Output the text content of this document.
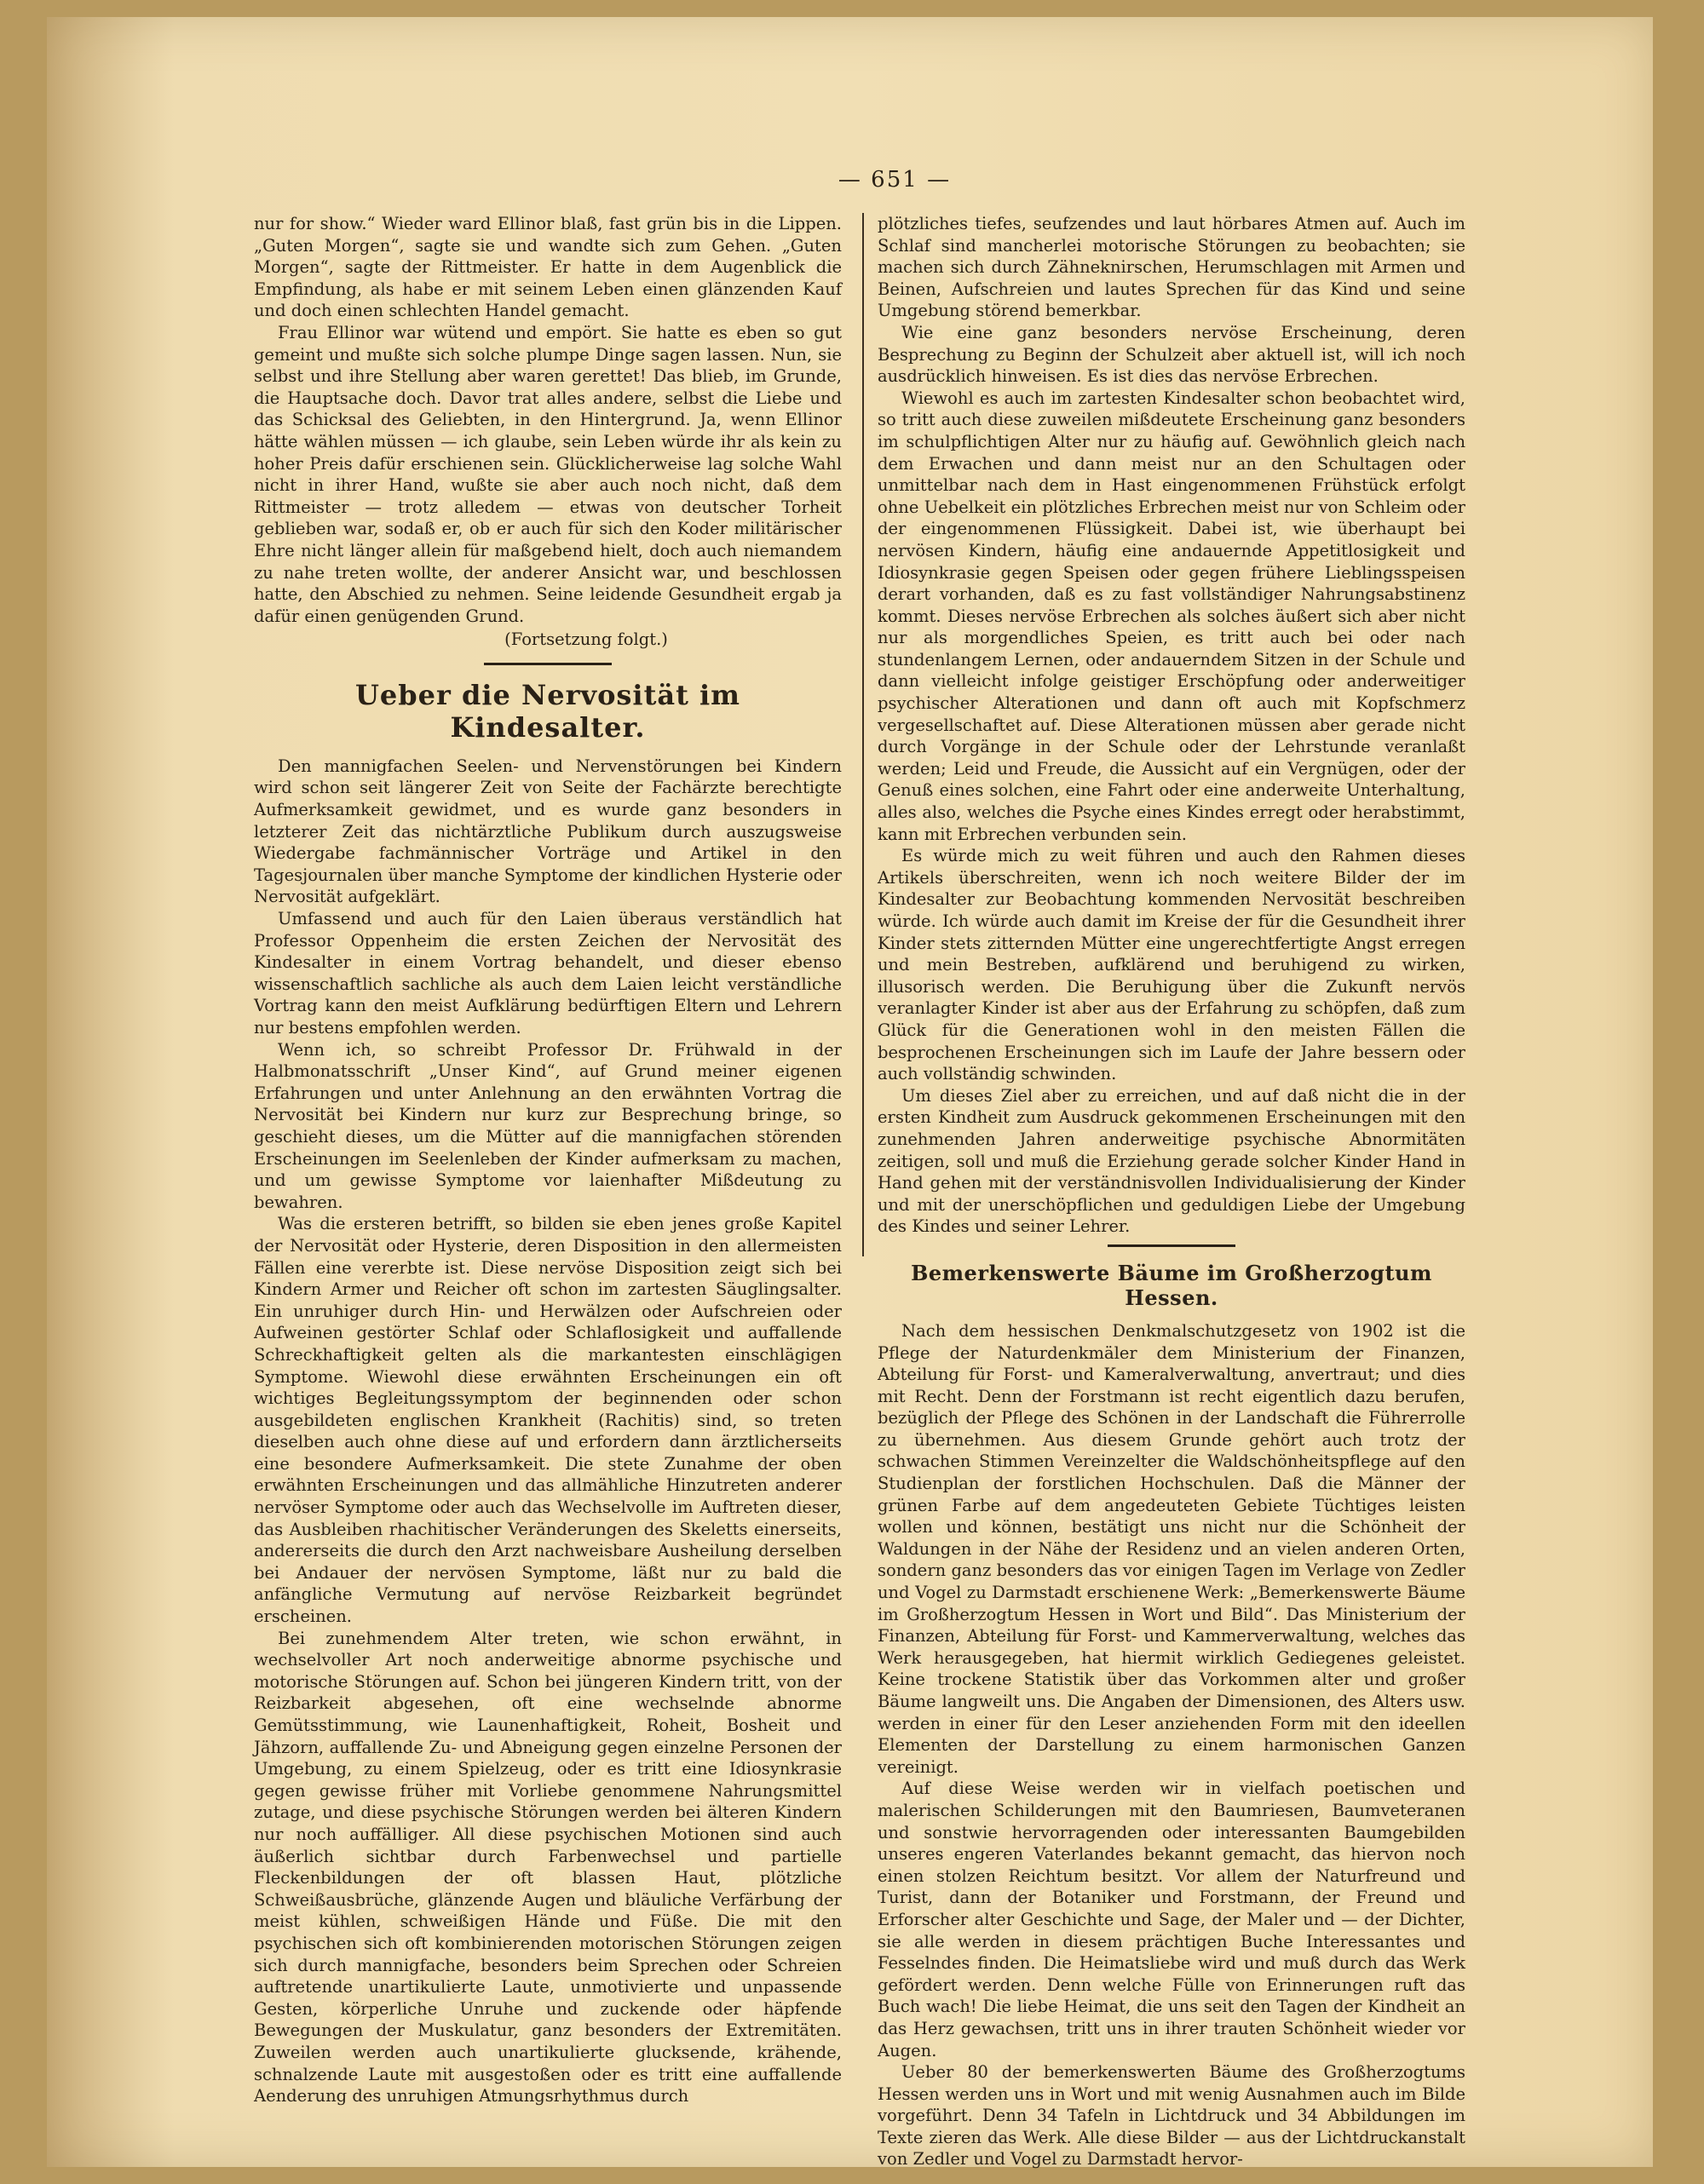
— 651 —

nur for show.“ Wieder ward Ellinor blaß, fast grün bis in die Lippen. „Guten Morgen“, sagte sie und wandte sich zum Gehen. „Guten Morgen“, sagte der Rittmeister. Er hatte in dem Augenblick die Empfindung, als habe er mit seinem Leben einen glänzenden Kauf und doch einen schlechten Handel gemacht.

Frau Ellinor war wütend und empört. Sie hatte es eben so gut gemeint und mußte sich solche plumpe Dinge sagen lassen. Nun, sie selbst und ihre Stellung aber waren gerettet! Das blieb, im Grunde, die Hauptsache doch. Davor trat alles andere, selbst die Liebe und das Schicksal des Geliebten, in den Hintergrund. Ja, wenn Ellinor hätte wählen müssen — ich glaube, sein Leben würde ihr als kein zu hoher Preis dafür erschienen sein. Glücklicherweise lag solche Wahl nicht in ihrer Hand, wußte sie aber auch noch nicht, daß dem Rittmeister — trotz alledem — etwas von deutscher Torheit geblieben war, sodaß er, ob er auch für sich den Koder militärischer Ehre nicht länger allein für maßgebend hielt, doch auch niemandem zu nahe treten wollte, der anderer Ansicht war, und beschlossen hatte, den Abschied zu nehmen. Seine leidende Gesundheit ergab ja dafür einen genügenden Grund.

(Fortsetzung folgt.)
Ueber die Nervosität im Kindesalter.

Den mannigfachen Seelen- und Nervenstörungen bei Kindern wird schon seit längerer Zeit von Seite der Fachärzte berechtigte Aufmerksamkeit gewidmet, und es wurde ganz besonders in letzterer Zeit das nichtärztliche Publikum durch auszugsweise Wiedergabe fachmännischer Vorträge und Artikel in den Tagesjournalen über manche Symptome der kindlichen Hysterie oder Nervosität aufgeklärt.

Umfassend und auch für den Laien überaus verständlich hat Professor Oppenheim die ersten Zeichen der Nervosität des Kindesalter in einem Vortrag behandelt, und dieser ebenso wissenschaftlich sachliche als auch dem Laien leicht verständliche Vortrag kann den meist Aufklärung bedürftigen Eltern und Lehrern nur bestens empfohlen werden.

Wenn ich, so schreibt Professor Dr. Frühwald in der Halbmonatsschrift „Unser Kind“, auf Grund meiner eigenen Erfahrungen und unter Anlehnung an den erwähnten Vortrag die Nervosität bei Kindern nur kurz zur Besprechung bringe, so geschieht dieses, um die Mütter auf die mannigfachen störenden Erscheinungen im Seelenleben der Kinder aufmerksam zu machen, und um gewisse Symptome vor laienhafter Mißdeutung zu bewahren.

Was die ersteren betrifft, so bilden sie eben jenes große Kapitel der Nervosität oder Hysterie, deren Disposition in den allermeisten Fällen eine vererbte ist. Diese nervöse Disposition zeigt sich bei Kindern Armer und Reicher oft schon im zartesten Säuglingsalter. Ein unruhiger durch Hin- und Herwälzen oder Aufschreien oder Aufweinen gestörter Schlaf oder Schlaflosigkeit und auffallende Schreckhaftigkeit gelten als die markantesten einschlägigen Symptome. Wiewohl diese erwähnten Erscheinungen ein oft wichtiges Begleitungssymptom der beginnenden oder schon ausgebildeten englischen Krankheit (Rachitis) sind, so treten dieselben auch ohne diese auf und erfordern dann ärztlicherseits eine besondere Aufmerksamkeit. Die stete Zunahme der oben erwähnten Erscheinungen und das allmähliche Hinzutreten anderer nervöser Symptome oder auch das Wechselvolle im Auftreten dieser, das Ausbleiben rhachitischer Veränderungen des Skeletts einerseits, andererseits die durch den Arzt nachweisbare Ausheilung derselben bei Andauer der nervösen Symptome, läßt nur zu bald die anfängliche Vermutung auf nervöse Reizbarkeit begründet erscheinen.

Bei zunehmendem Alter treten, wie schon erwähnt, in wechselvoller Art noch anderweitige abnorme psychische und motorische Störungen auf. Schon bei jüngeren Kindern tritt, von der Reizbarkeit abgesehen, oft eine wechselnde abnorme Gemütsstimmung, wie Launenhaftigkeit, Roheit, Bosheit und Jähzorn, auffallende Zu- und Abneigung gegen einzelne Personen der Umgebung, zu einem Spielzeug, oder es tritt eine Idiosynkrasie gegen gewisse früher mit Vorliebe genommene Nahrungsmittel zutage, und diese psychische Störungen werden bei älteren Kindern nur noch auffälliger. All diese psychischen Motionen sind auch äußerlich sichtbar durch Farbenwechsel und partielle Fleckenbildungen der oft blassen Haut, plötzliche Schweißausbrüche, glänzende Augen und bläuliche Verfärbung der meist kühlen, schweißigen Hände und Füße. Die mit den psychischen sich oft kombinierenden motorischen Störungen zeigen sich durch mannigfache, besonders beim Sprechen oder Schreien auftretende unartikulierte Laute, unmotivierte und unpassende Gesten, körperliche Unruhe und zuckende oder häpfende Bewegungen der Muskulatur, ganz besonders der Extremitäten. Zuweilen werden auch unartikulierte glucksende, krähende, schnalzende Laute mit ausgestoßen oder es tritt eine auffallende Aenderung des unruhigen Atmungsrhythmus durch

plötzliches tiefes, seufzendes und laut hörbares Atmen auf. Auch im Schlaf sind mancherlei motorische Störungen zu beobachten; sie machen sich durch Zähneknirschen, Herumschlagen mit Armen und Beinen, Aufschreien und lautes Sprechen für das Kind und seine Umgebung störend bemerkbar.

Wie eine ganz besonders nervöse Erscheinung, deren Besprechung zu Beginn der Schulzeit aber aktuell ist, will ich noch ausdrücklich hinweisen. Es ist dies das nervöse Erbrechen.

Wiewohl es auch im zartesten Kindesalter schon beobachtet wird, so tritt auch diese zuweilen mißdeutete Erscheinung ganz besonders im schulpflichtigen Alter nur zu häufig auf. Gewöhnlich gleich nach dem Erwachen und dann meist nur an den Schultagen oder unmittelbar nach dem in Hast eingenommenen Frühstück erfolgt ohne Uebelkeit ein plötzliches Erbrechen meist nur von Schleim oder der eingenommenen Flüssigkeit. Dabei ist, wie überhaupt bei nervösen Kindern, häufig eine andauernde Appetitlosigkeit und Idiosynkrasie gegen Speisen oder gegen frühere Lieblingsspeisen derart vorhanden, daß es zu fast vollständiger Nahrungsabstinenz kommt. Dieses nervöse Erbrechen als solches äußert sich aber nicht nur als morgendliches Speien, es tritt auch bei oder nach stundenlangem Lernen, oder andauerndem Sitzen in der Schule und dann vielleicht infolge geistiger Erschöpfung oder anderweitiger psychischer Alterationen und dann oft auch mit Kopfschmerz vergesellschaftet auf. Diese Alterationen müssen aber gerade nicht durch Vorgänge in der Schule oder der Lehrstunde veranlaßt werden; Leid und Freude, die Aussicht auf ein Vergnügen, oder der Genuß eines solchen, eine Fahrt oder eine anderweite Unterhaltung, alles also, welches die Psyche eines Kindes erregt oder herabstimmt, kann mit Erbrechen verbunden sein.

Es würde mich zu weit führen und auch den Rahmen dieses Artikels überschreiten, wenn ich noch weitere Bilder der im Kindesalter zur Beobachtung kommenden Nervosität beschreiben würde. Ich würde auch damit im Kreise der für die Gesundheit ihrer Kinder stets zitternden Mütter eine ungerechtfertigte Angst erregen und mein Bestreben, aufklärend und beruhigend zu wirken, illusorisch werden. Die Beruhigung über die Zukunft nervös veranlagter Kinder ist aber aus der Erfahrung zu schöpfen, daß zum Glück für die Generationen wohl in den meisten Fällen die besprochenen Erscheinungen sich im Laufe der Jahre bessern oder auch vollständig schwinden.

Um dieses Ziel aber zu erreichen, und auf daß nicht die in der ersten Kindheit zum Ausdruck gekommenen Erscheinungen mit den zunehmenden Jahren anderweitige psychische Abnormitäten zeitigen, soll und muß die Erziehung gerade solcher Kinder Hand in Hand gehen mit der verständnisvollen Individualisierung der Kinder und mit der unerschöpflichen und geduldigen Liebe der Umgebung des Kindes und seiner Lehrer.

Bemerkenswerte Bäume im Großherzogtum Hessen.

Nach dem hessischen Denkmalschutzgesetz von 1902 ist die Pflege der Naturdenkmäler dem Ministerium der Finanzen, Abteilung für Forst- und Kameralverwaltung, anvertraut; und dies mit Recht. Denn der Forstmann ist recht eigentlich dazu berufen, bezüglich der Pflege des Schönen in der Landschaft die Führerrolle zu übernehmen. Aus diesem Grunde gehört auch trotz der schwachen Stimmen Vereinzelter die Waldschönheitspflege auf den Studienplan der forstlichen Hochschulen. Daß die Männer der grünen Farbe auf dem angedeuteten Gebiete Tüchtiges leisten wollen und können, bestätigt uns nicht nur die Schönheit der Waldungen in der Nähe der Residenz und an vielen anderen Orten, sondern ganz besonders das vor einigen Tagen im Verlage von Zedler und Vogel zu Darmstadt erschienene Werk: „Bemerkenswerte Bäume im Großherzogtum Hessen in Wort und Bild“. Das Ministerium der Finanzen, Abteilung für Forst- und Kammerverwaltung, welches das Werk herausgegeben, hat hiermit wirklich Gediegenes geleistet. Keine trockene Statistik über das Vorkommen alter und großer Bäume langweilt uns. Die Angaben der Dimensionen, des Alters usw. werden in einer für den Leser anziehenden Form mit den ideellen Elementen der Darstellung zu einem harmonischen Ganzen vereinigt.

Auf diese Weise werden wir in vielfach poetischen und malerischen Schilderungen mit den Baumriesen, Baumveteranen und sonstwie hervorragenden oder interessanten Baumgebilden unseres engeren Vaterlandes bekannt gemacht, das hiervon noch einen stolzen Reichtum besitzt. Vor allem der Naturfreund und Turist, dann der Botaniker und Forstmann, der Freund und Erforscher alter Geschichte und Sage, der Maler und — der Dichter, sie alle werden in diesem prächtigen Buche Interessantes und Fesselndes finden. Die Heimatsliebe wird und muß durch das Werk gefördert werden. Denn welche Fülle von Erinnerungen ruft das Buch wach! Die liebe Heimat, die uns seit den Tagen der Kindheit an das Herz gewachsen, tritt uns in ihrer trauten Schönheit wieder vor Augen.

Ueber 80 der bemerkenswerten Bäume des Großherzogtums Hessen werden uns in Wort und mit wenig Ausnahmen auch im Bilde vorgeführt. Denn 34 Tafeln in Lichtdruck und 34 Abbildungen im Texte zieren das Werk. Alle diese Bilder — aus der Lichtdruckanstalt von Zedler und Vogel zu Darmstadt hervor-
